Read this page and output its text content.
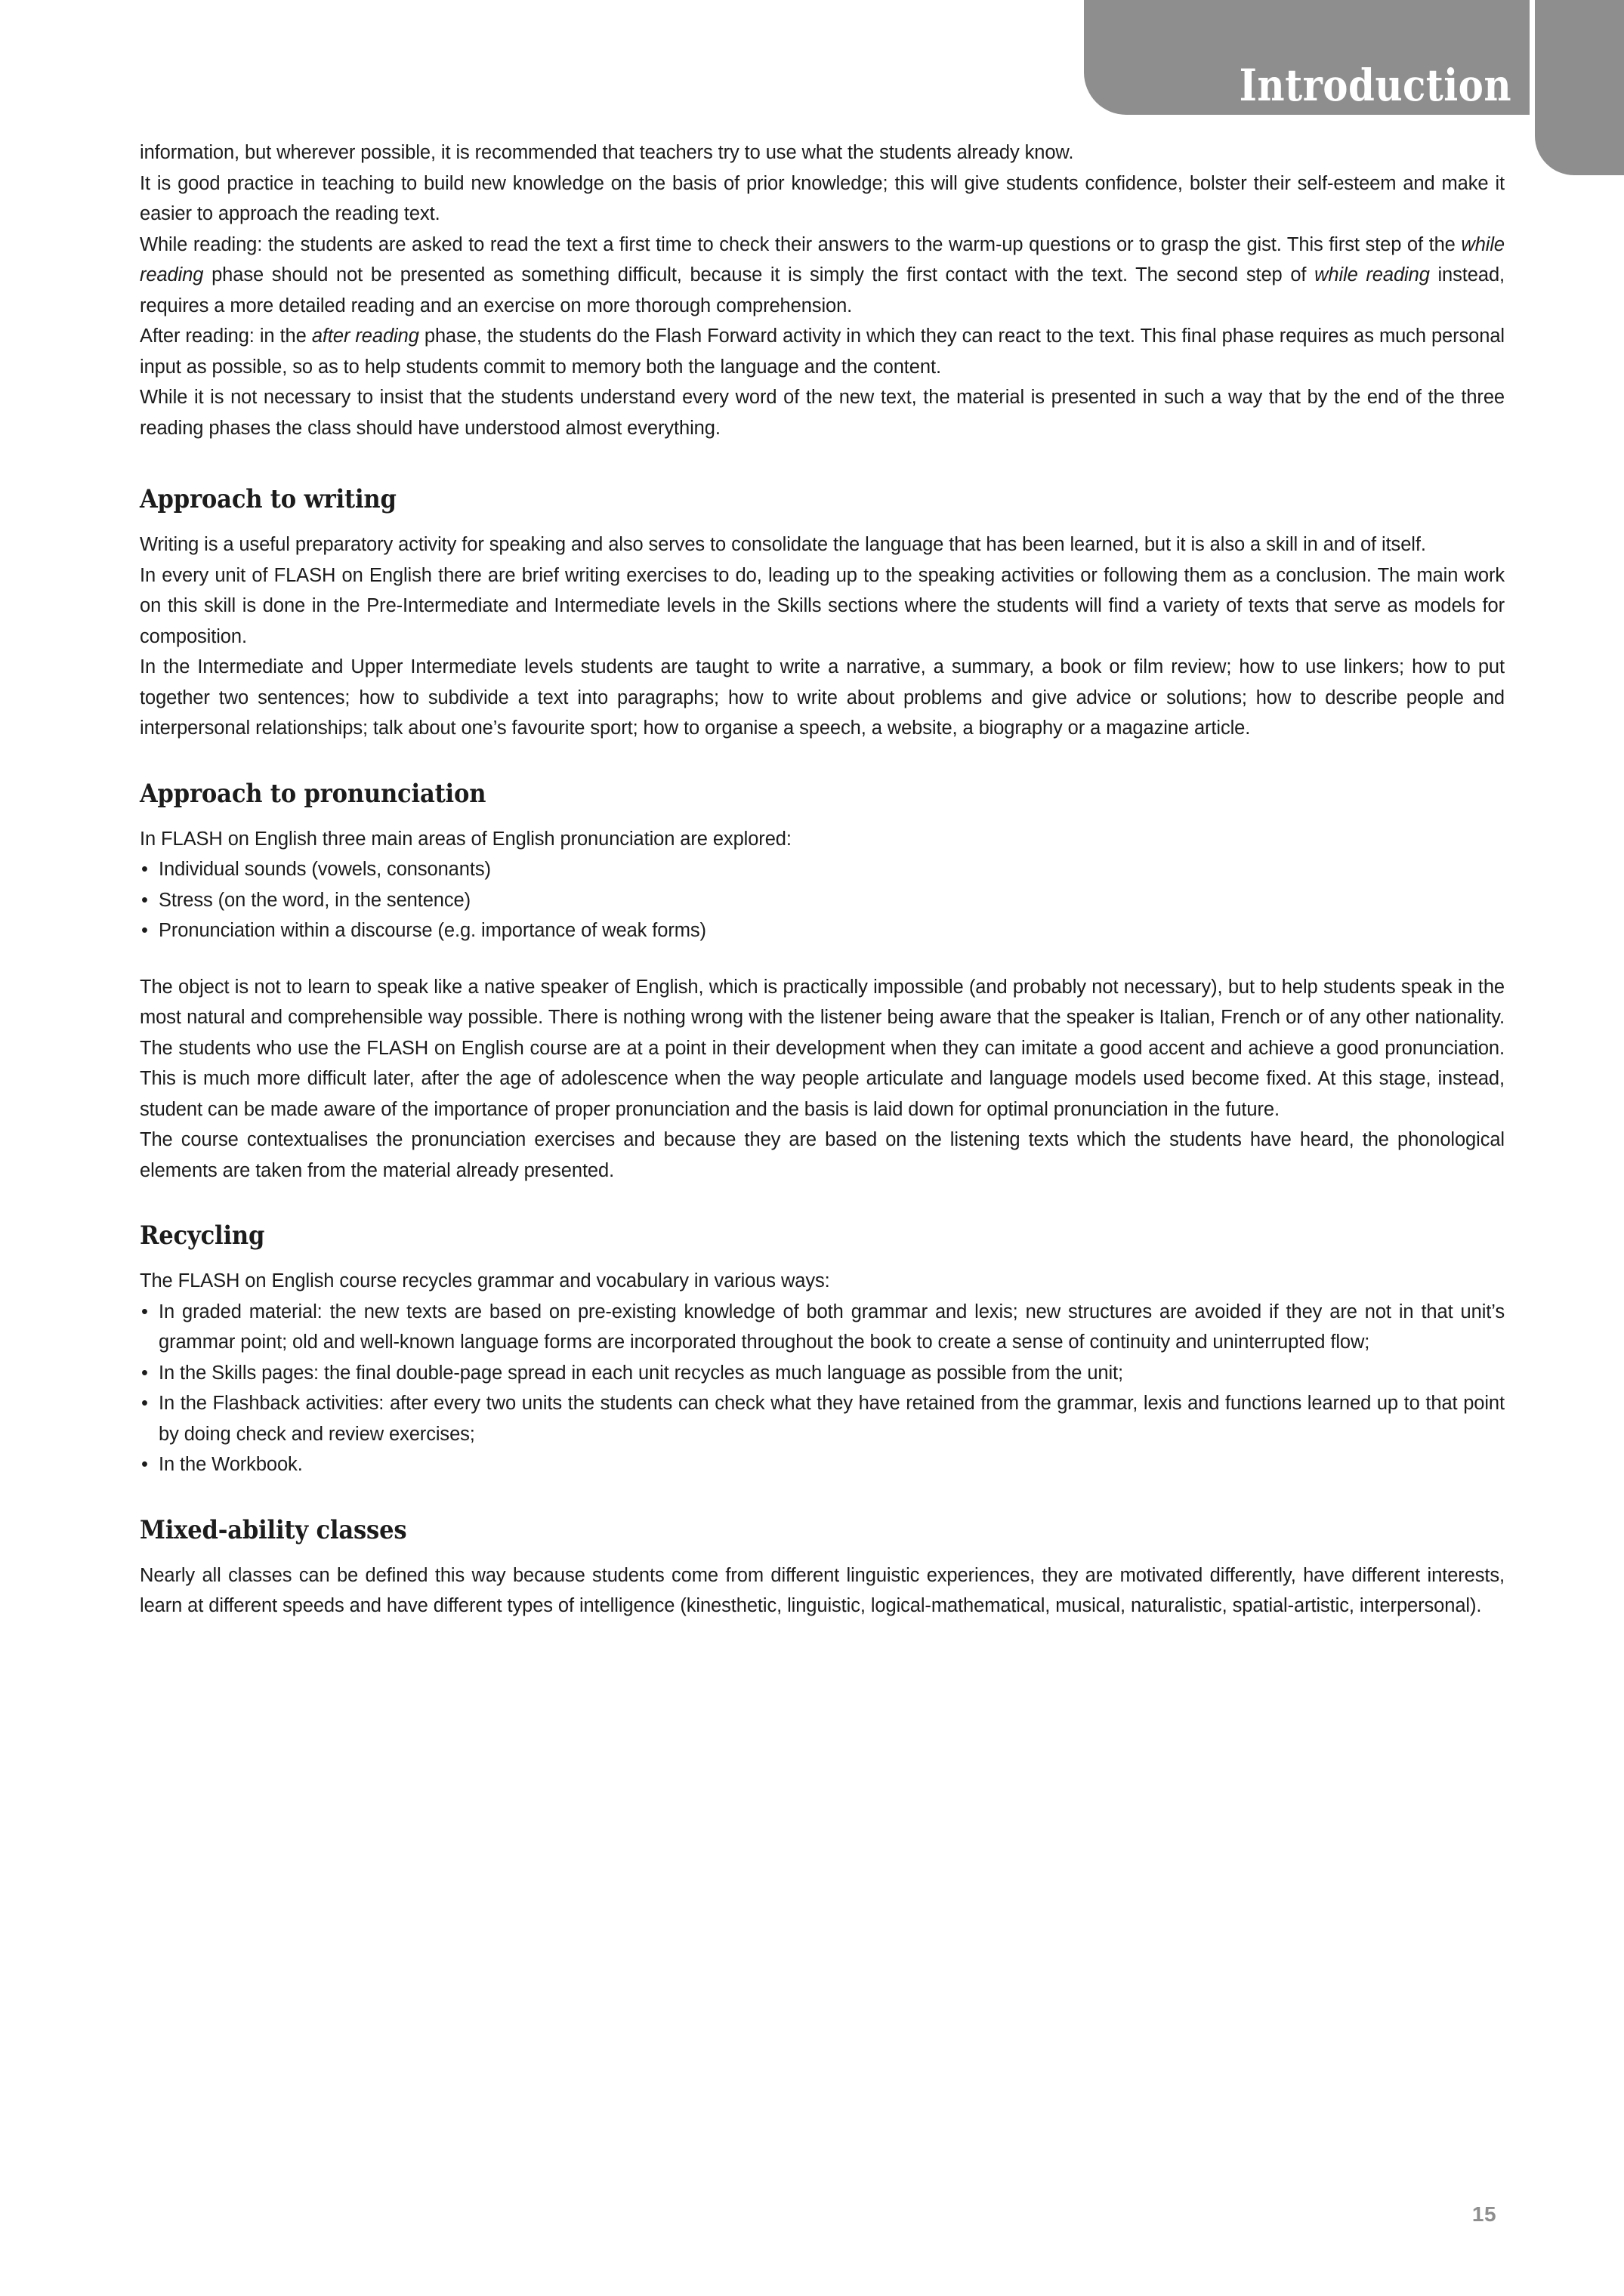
Introduction

information, but wherever possible, it is recommended that teachers try to use what the students already know.

It is good practice in teaching to build new knowledge on the basis of prior knowledge; this will give students confidence, bolster their self-esteem and make it easier to approach the reading text.

While reading: the students are asked to read the text a first time to check their answers to the warm-up questions or to grasp the gist. This first step of the while reading phase should not be presented as something difficult, because it is simply the first contact with the text. The second step of while reading instead, requires a more detailed reading and an exercise on more thorough comprehension.

After reading: in the after reading phase, the students do the Flash Forward activity in which they can react to the text. This final phase requires as much personal input as possible, so as to help students commit to memory both the language and the content.

While it is not necessary to insist that the students understand every word of the new text, the material is presented in such a way that by the end of the three reading phases the class should have understood almost everything.

Approach to writing

Writing is a useful preparatory activity for speaking and also serves to consolidate the language that has been learned, but it is also a skill in and of itself.

In every unit of FLASH on English there are brief writing exercises to do, leading up to the speaking activities or following them as a conclusion. The main work on this skill is done in the Pre-Intermediate and Intermediate levels in the Skills sections where the students will find a variety of texts that serve as models for composition.

In the Intermediate and Upper Intermediate levels students are taught to write a narrative, a summary, a book or film review; how to use linkers; how to put together two sentences; how to subdivide a text into paragraphs; how to write about problems and give advice or solutions; how to describe people and interpersonal relationships; talk about one’s favourite sport; how to organise a speech, a website, a biography or a magazine article.

Approach to pronunciation

In FLASH on English three main areas of English pronunciation are explored:

• Individual sounds (vowels, consonants)
• Stress (on the word, in the sentence)
• Pronunciation within a discourse (e.g. importance of weak forms)

The object is not to learn to speak like a native speaker of English, which is practically impossible (and probably not necessary), but to help students speak in the most natural and comprehensible way possible. There is nothing wrong with the listener being aware that the speaker is Italian, French or of any other nationality. The students who use the FLASH on English course are at a point in their development when they can imitate a good accent and achieve a good pronunciation. This is much more difficult later, after the age of adolescence when the way people articulate and language models used become fixed. At this stage, instead, student can be made aware of the importance of proper pronunciation and the basis is laid down for optimal pronunciation in the future.

The course contextualises the pronunciation exercises and because they are based on the listening texts which the students have heard, the phonological elements are taken from the material already presented.

Recycling

The FLASH on English course recycles grammar and vocabulary in various ways:

• In graded material: the new texts are based on pre-existing knowledge of both grammar and lexis; new structures are avoided if they are not in that unit’s grammar point; old and well-known language forms are incorporated throughout the book to create a sense of continuity and uninterrupted flow;
• In the Skills pages: the final double-page spread in each unit recycles as much language as possible from the unit;
• In the Flashback activities: after every two units the students can check what they have retained from the grammar, lexis and functions learned up to that point by doing check and review exercises;
• In the Workbook.
Mixed-ability classes

Nearly all classes can be defined this way because students come from different linguistic experiences, they are motivated differently, have different interests, learn at different speeds and have different types of intelligence (kinesthetic, linguistic, logical-mathematical, musical, naturalistic, spatial-artistic, interpersonal).

15
